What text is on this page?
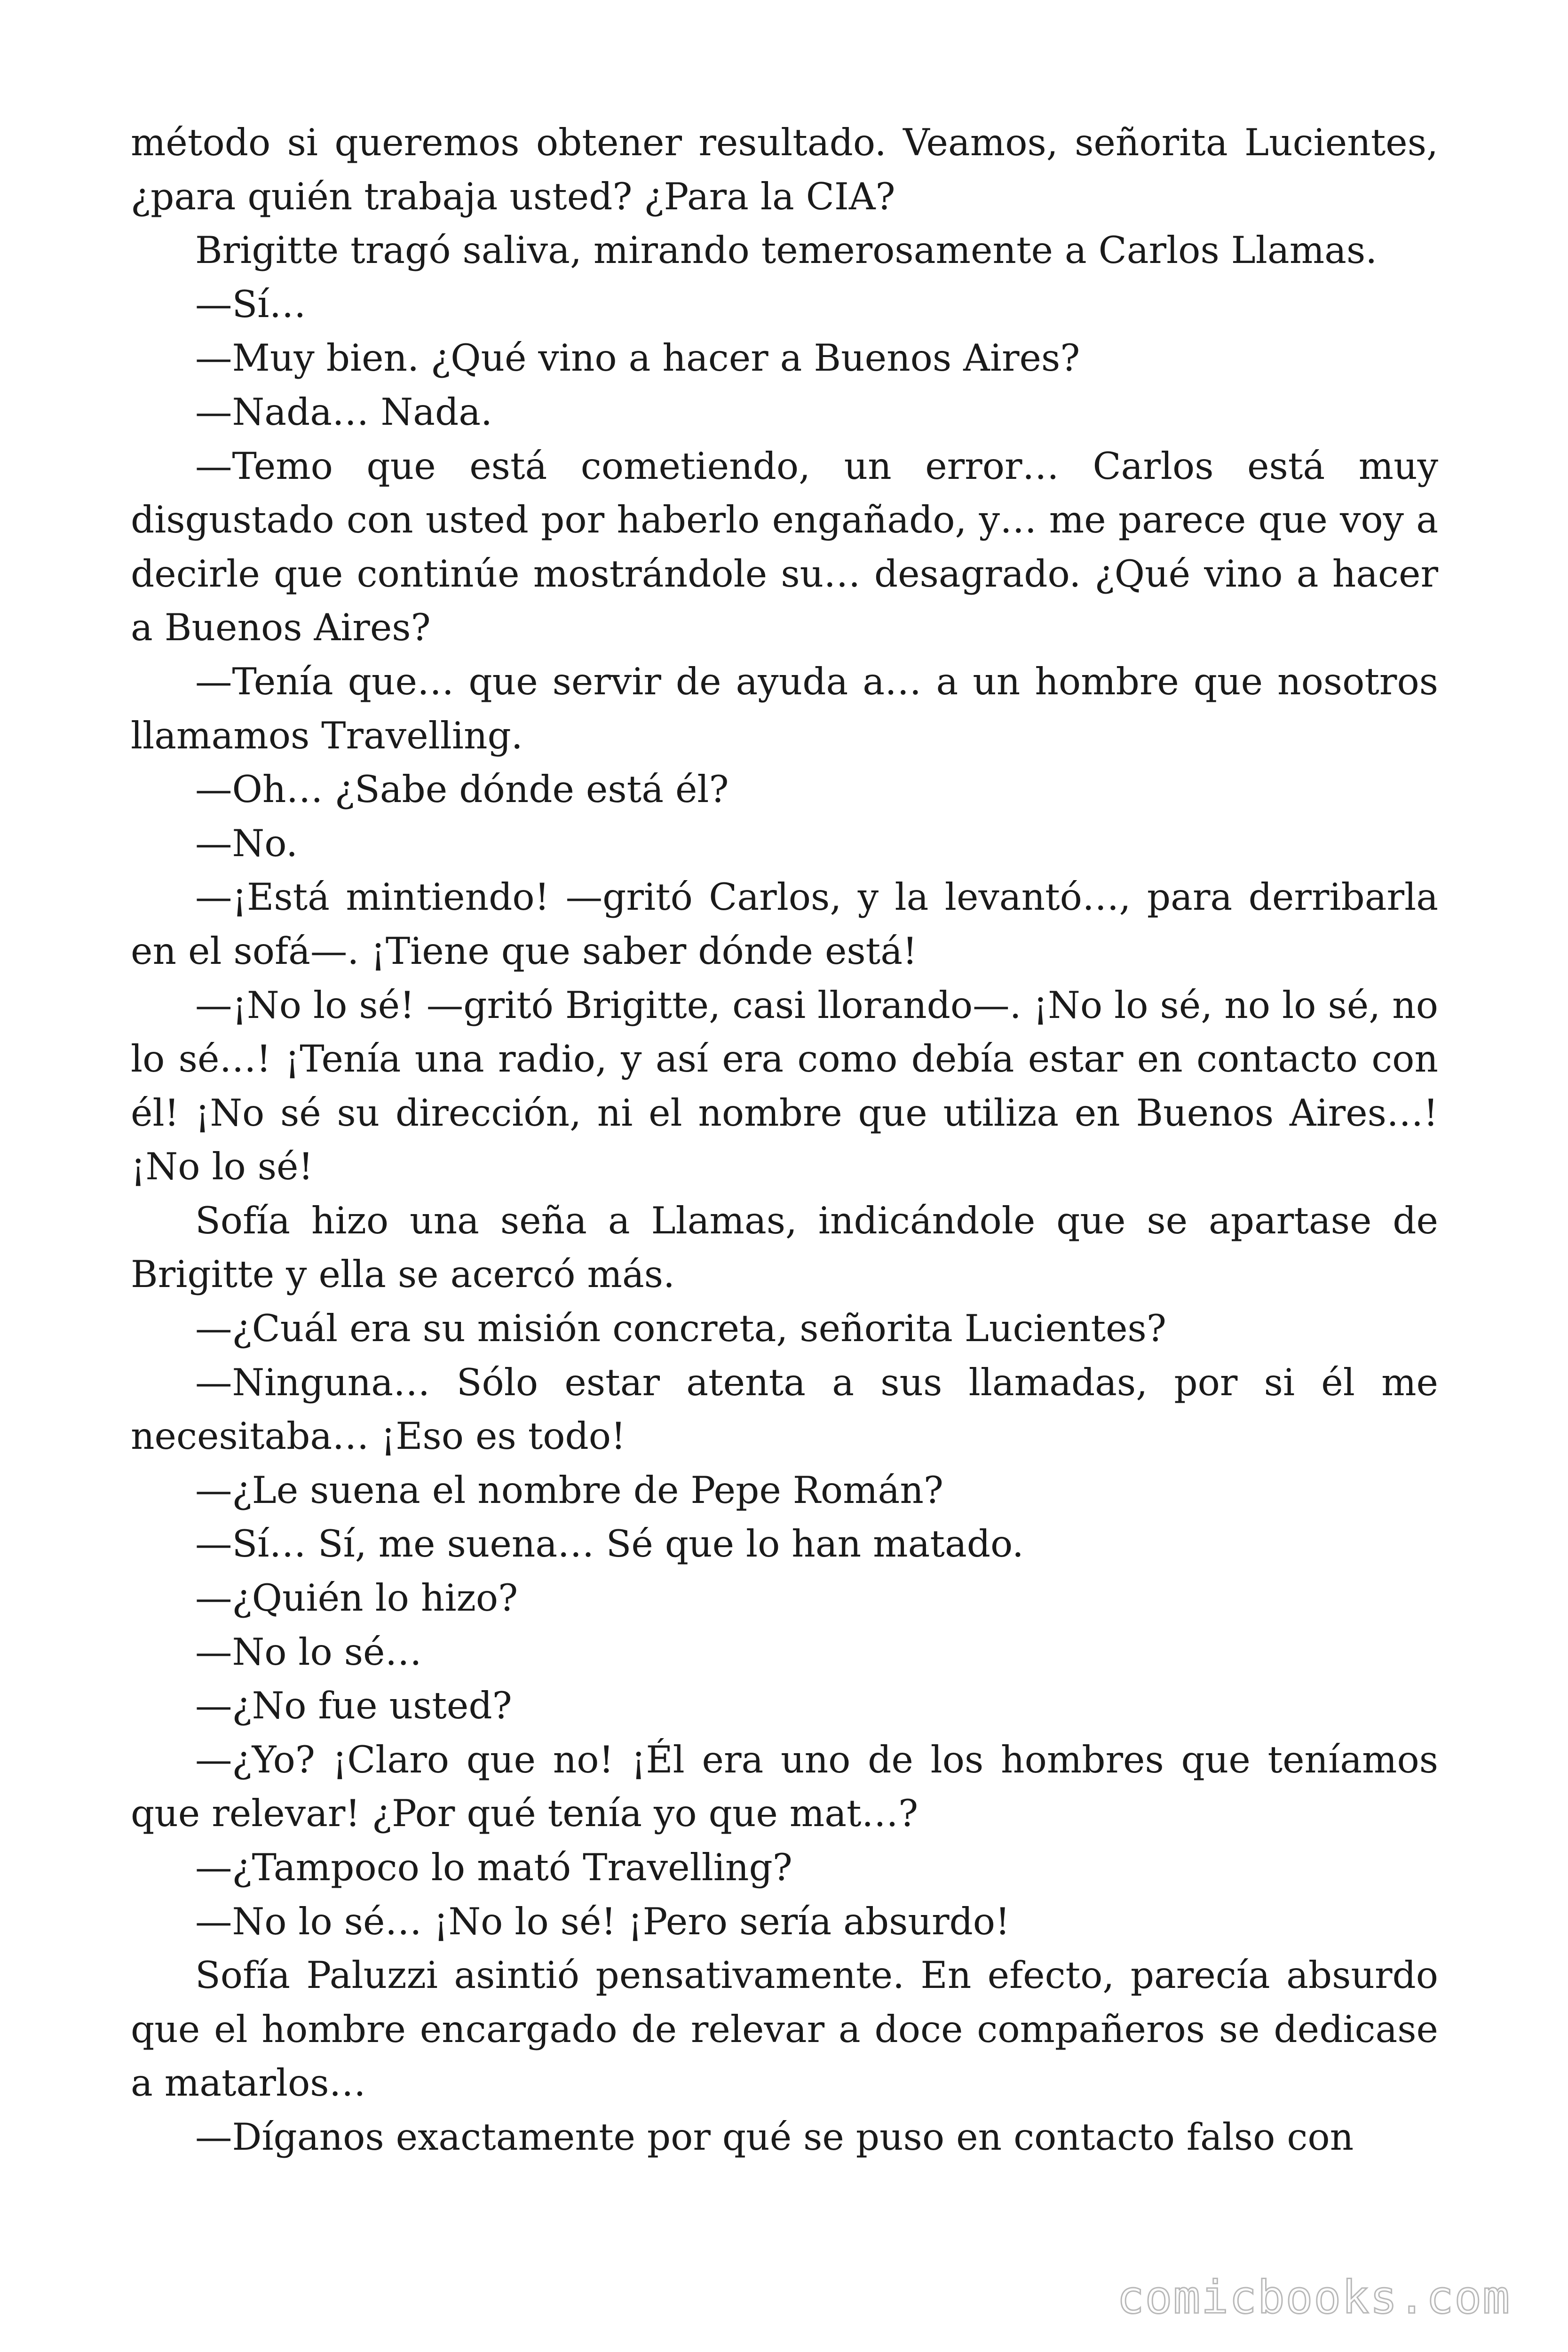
método si queremos obtener resultado. Veamos, señorita Lucientes, ¿para quién trabaja usted? ¿Para la CIA?

Brigitte tragó saliva, mirando temerosamente a Carlos Llamas.

—Sí…

—Muy bien. ¿Qué vino a hacer a Buenos Aires?

—Nada… Nada.

—Temo que está cometiendo, un error… Carlos está muy disgustado con usted por haberlo engañado, y… me parece que voy a decirle que continúe mostrándole su… desagrado. ¿Qué vino a hacer a Buenos Aires?

—Tenía que… que servir de ayuda a… a un hombre que nosotros llamamos Travelling.

—Oh… ¿Sabe dónde está él?

—No.

—¡Está mintiendo! —gritó Carlos, y la levantó…, para derribarla en el sofá—. ¡Tiene que saber dónde está!

—¡No lo sé! —gritó Brigitte, casi llorando—. ¡No lo sé, no lo sé, no lo sé…! ¡Tenía una radio, y así era como debía estar en contacto con él! ¡No sé su dirección, ni el nombre que utiliza en Buenos Aires…! ¡No lo sé!

Sofía hizo una seña a Llamas, indicándole que se apartase de Brigitte y ella se acercó más.

—¿Cuál era su misión concreta, señorita Lucientes?

—Ninguna… Sólo estar atenta a sus llamadas, por si él me necesitaba… ¡Eso es todo!

—¿Le suena el nombre de Pepe Román?

—Sí… Sí, me suena… Sé que lo han matado.

—¿Quién lo hizo?

—No lo sé…

—¿No fue usted?

—¿Yo? ¡Claro que no! ¡Él era uno de los hombres que teníamos que relevar! ¿Por qué tenía yo que mat…?

—¿Tampoco lo mató Travelling?

—No lo sé… ¡No lo sé! ¡Pero sería absurdo!

Sofía Paluzzi asintió pensativamente. En efecto, parecía absurdo que el hombre encargado de relevar a doce compañeros se dedicase a matarlos…

—Díganos exactamente por qué se puso en contacto falso con

comicbooks.com
